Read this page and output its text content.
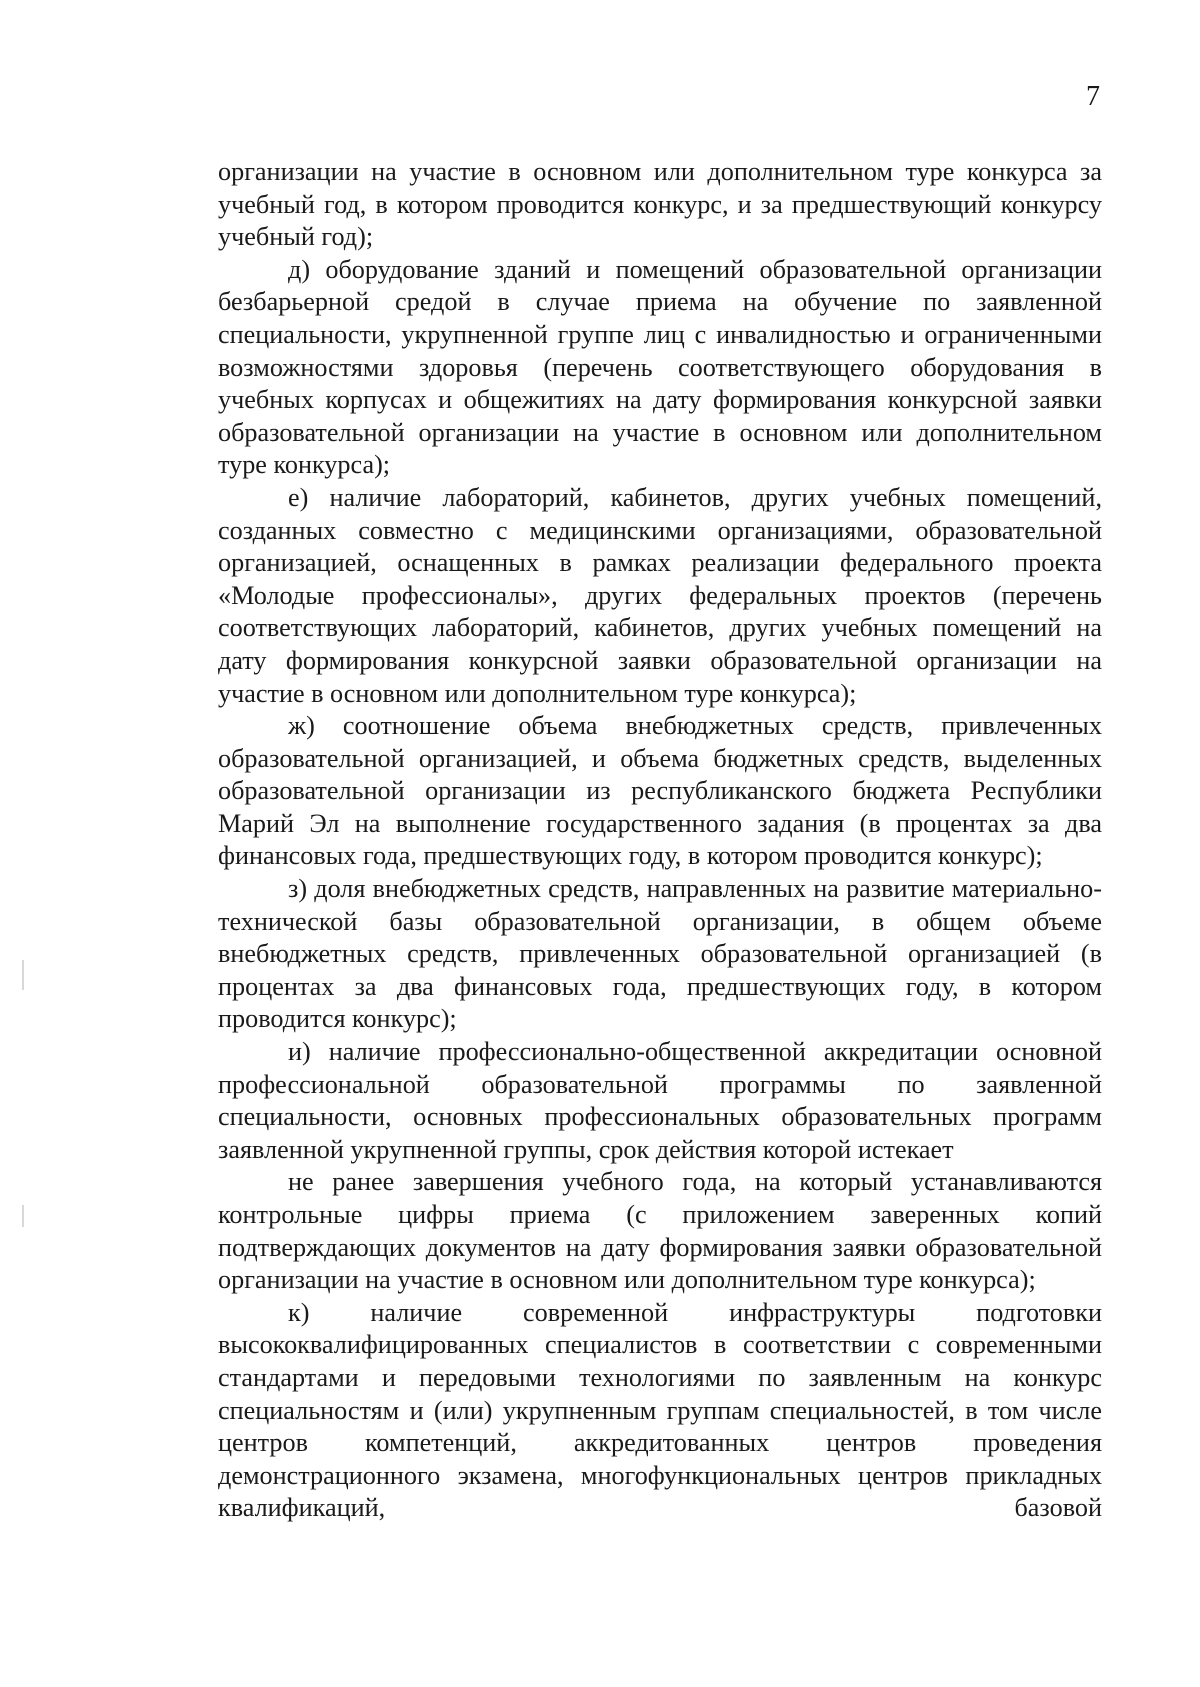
7

организации на участие в основном или дополнительном туре конкурса за учебный год, в котором проводится конкурс, и за предшествующий конкурсу учебный год);

д) оборудование зданий и помещений образовательной организации безбарьерной средой в случае приема на обучение по заявленной специальности, укрупненной группе лиц с инвалидностью и ограниченными возможностями здоровья (перечень соответствующего оборудования в учебных корпусах и общежитиях на дату формирования конкурсной заявки образовательной организации на участие в основном или дополнительном туре конкурса);

е) наличие лабораторий, кабинетов, других учебных помещений, созданных совместно с медицинскими организациями, образовательной организацией, оснащенных в рамках реализации федерального проекта «Молодые профессионалы», других федеральных проектов (перечень соответствующих лабораторий, кабинетов, других учебных помещений на дату формирования конкурсной заявки образовательной организации на участие в основном или дополнительном туре конкурса);

ж) соотношение объема внебюджетных средств, привлеченных образовательной организацией, и объема бюджетных средств, выделенных образовательной организации из республиканского бюджета Республики Марий Эл на выполнение государственного задания (в процентах за два финансовых года, предшествующих году, в котором проводится конкурс);

з) доля внебюджетных средств, направленных на развитие материально-технической базы образовательной организации, в общем объеме внебюджетных средств, привлеченных образовательной организацией (в процентах за два финансовых года, предшествующих году, в котором проводится конкурс);

и) наличие профессионально-общественной аккредитации основной профессиональной образовательной программы по заявленной специальности, основных профессиональных образовательных программ заявленной укрупненной группы, срок действия которой истекает

не ранее завершения учебного года, на который устанавливаются контрольные цифры приема (с приложением заверенных копий подтверждающих документов на дату формирования заявки образовательной организации на участие в основном или дополнительном туре конкурса);

к) наличие современной инфраструктуры подготовки высококвалифицированных специалистов в соответствии с современными стандартами и передовыми технологиями по заявленным на конкурс специальностям и (или) укрупненным группам специальностей, в том числе центров компетенций, аккредитованных центров проведения демонстрационного экзамена, многофункциональных центров прикладных квалификаций, базовой
